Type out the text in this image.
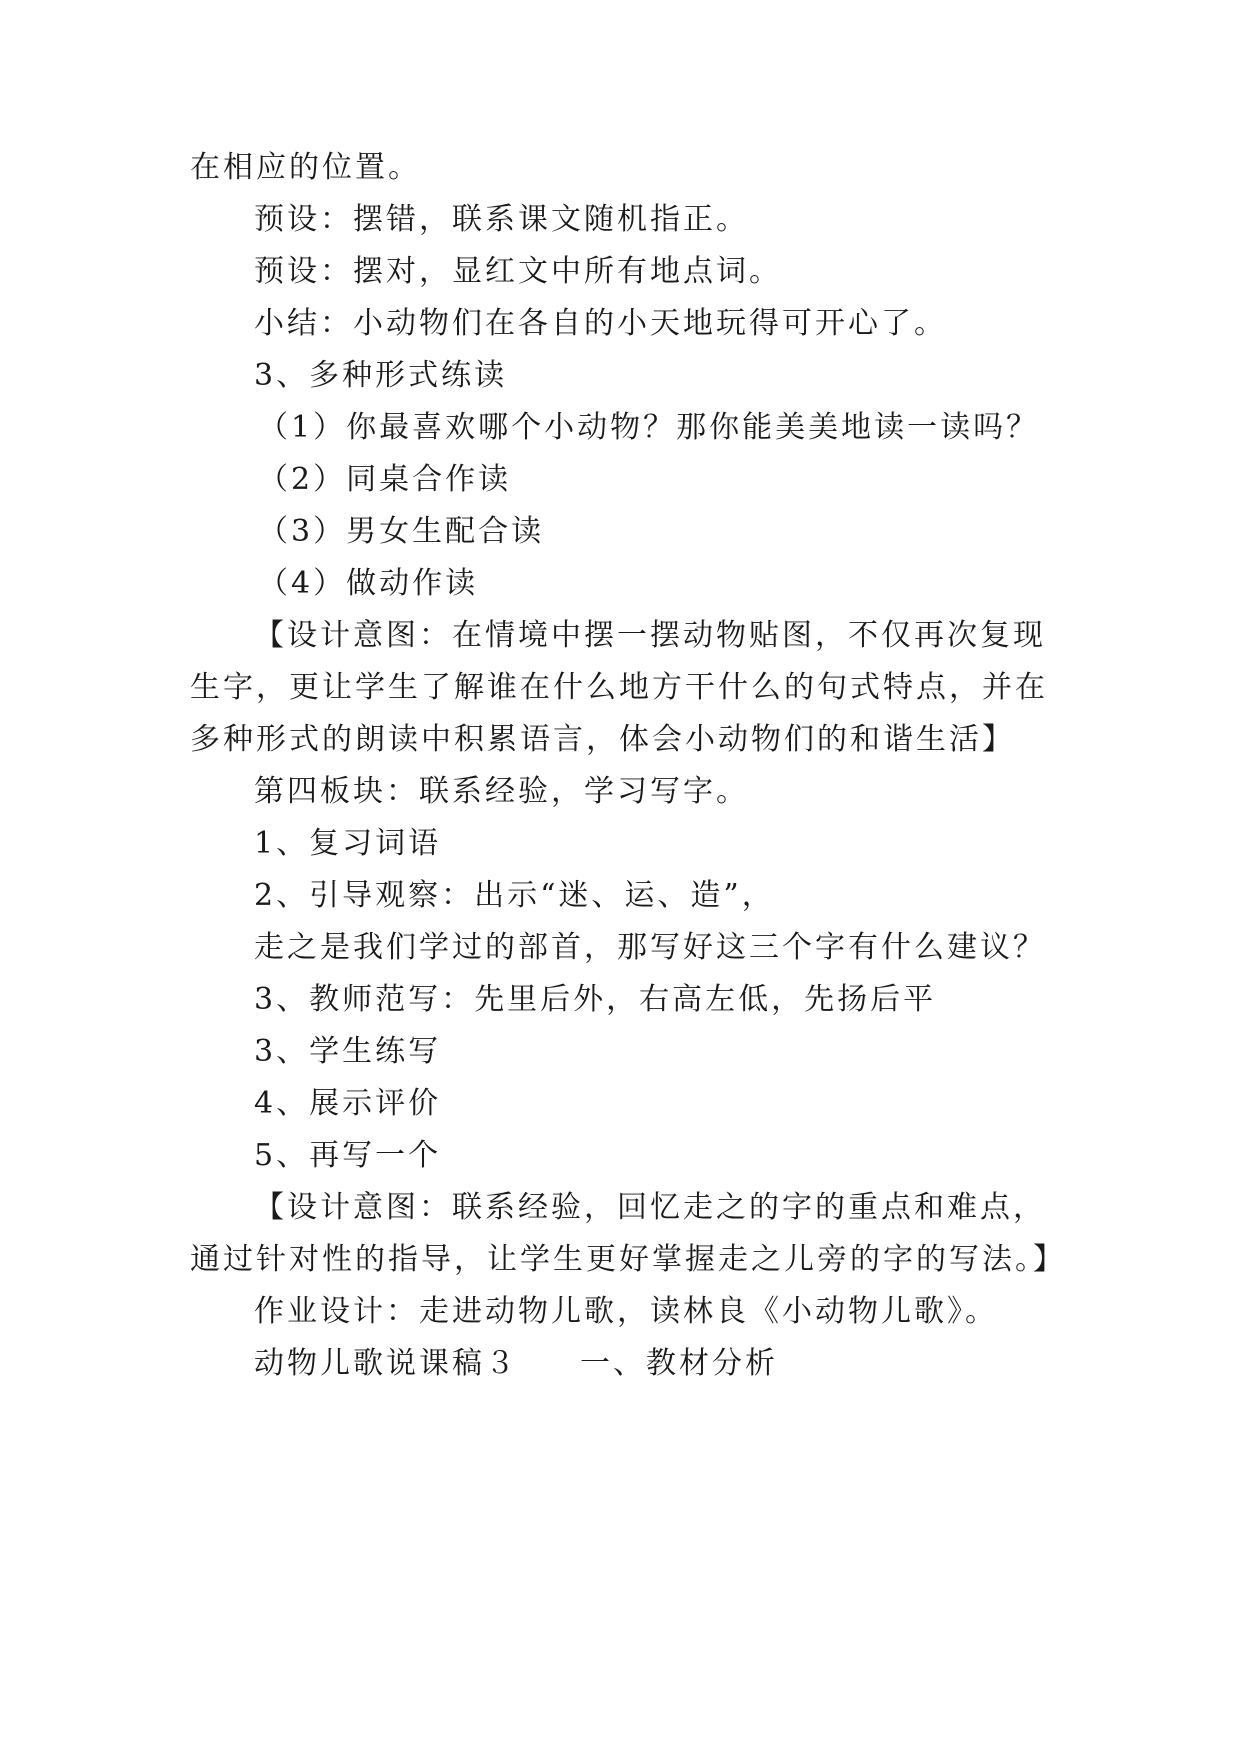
在相应的位置。
预设：摆错，联系课文随机指正。
预设：摆对，显红文中所有地点词。
小结：小动物们在各自的小天地玩得可开心了。
3、多种形式练读
（1）你最喜欢哪个小动物？那你能美美地读一读吗？
（2）同桌合作读
（3）男女生配合读
（4）做动作读
【设计意图：在情境中摆一摆动物贴图，不仅再次复现
生字，更让学生了解谁在什么地方干什么的句式特点，并在
多种形式的朗读中积累语言，体会小动物们的和谐生活】
第四板块：联系经验，学习写字。
1、复习词语
2、引导观察：出示“迷、运、造”，
走之是我们学过的部首，那写好这三个字有什么建议？
3、教师范写：先里后外，右高左低，先扬后平
3、学生练写
4、展示评价
5、再写一个
【设计意图：联系经验，回忆走之的字的重点和难点，
通过针对性的指导，让学生更好掌握走之儿旁的字的写法。】
作业设计：走进动物儿歌，读林良《小动物儿歌》。
动物儿歌说课稿３ 一、教材分析
